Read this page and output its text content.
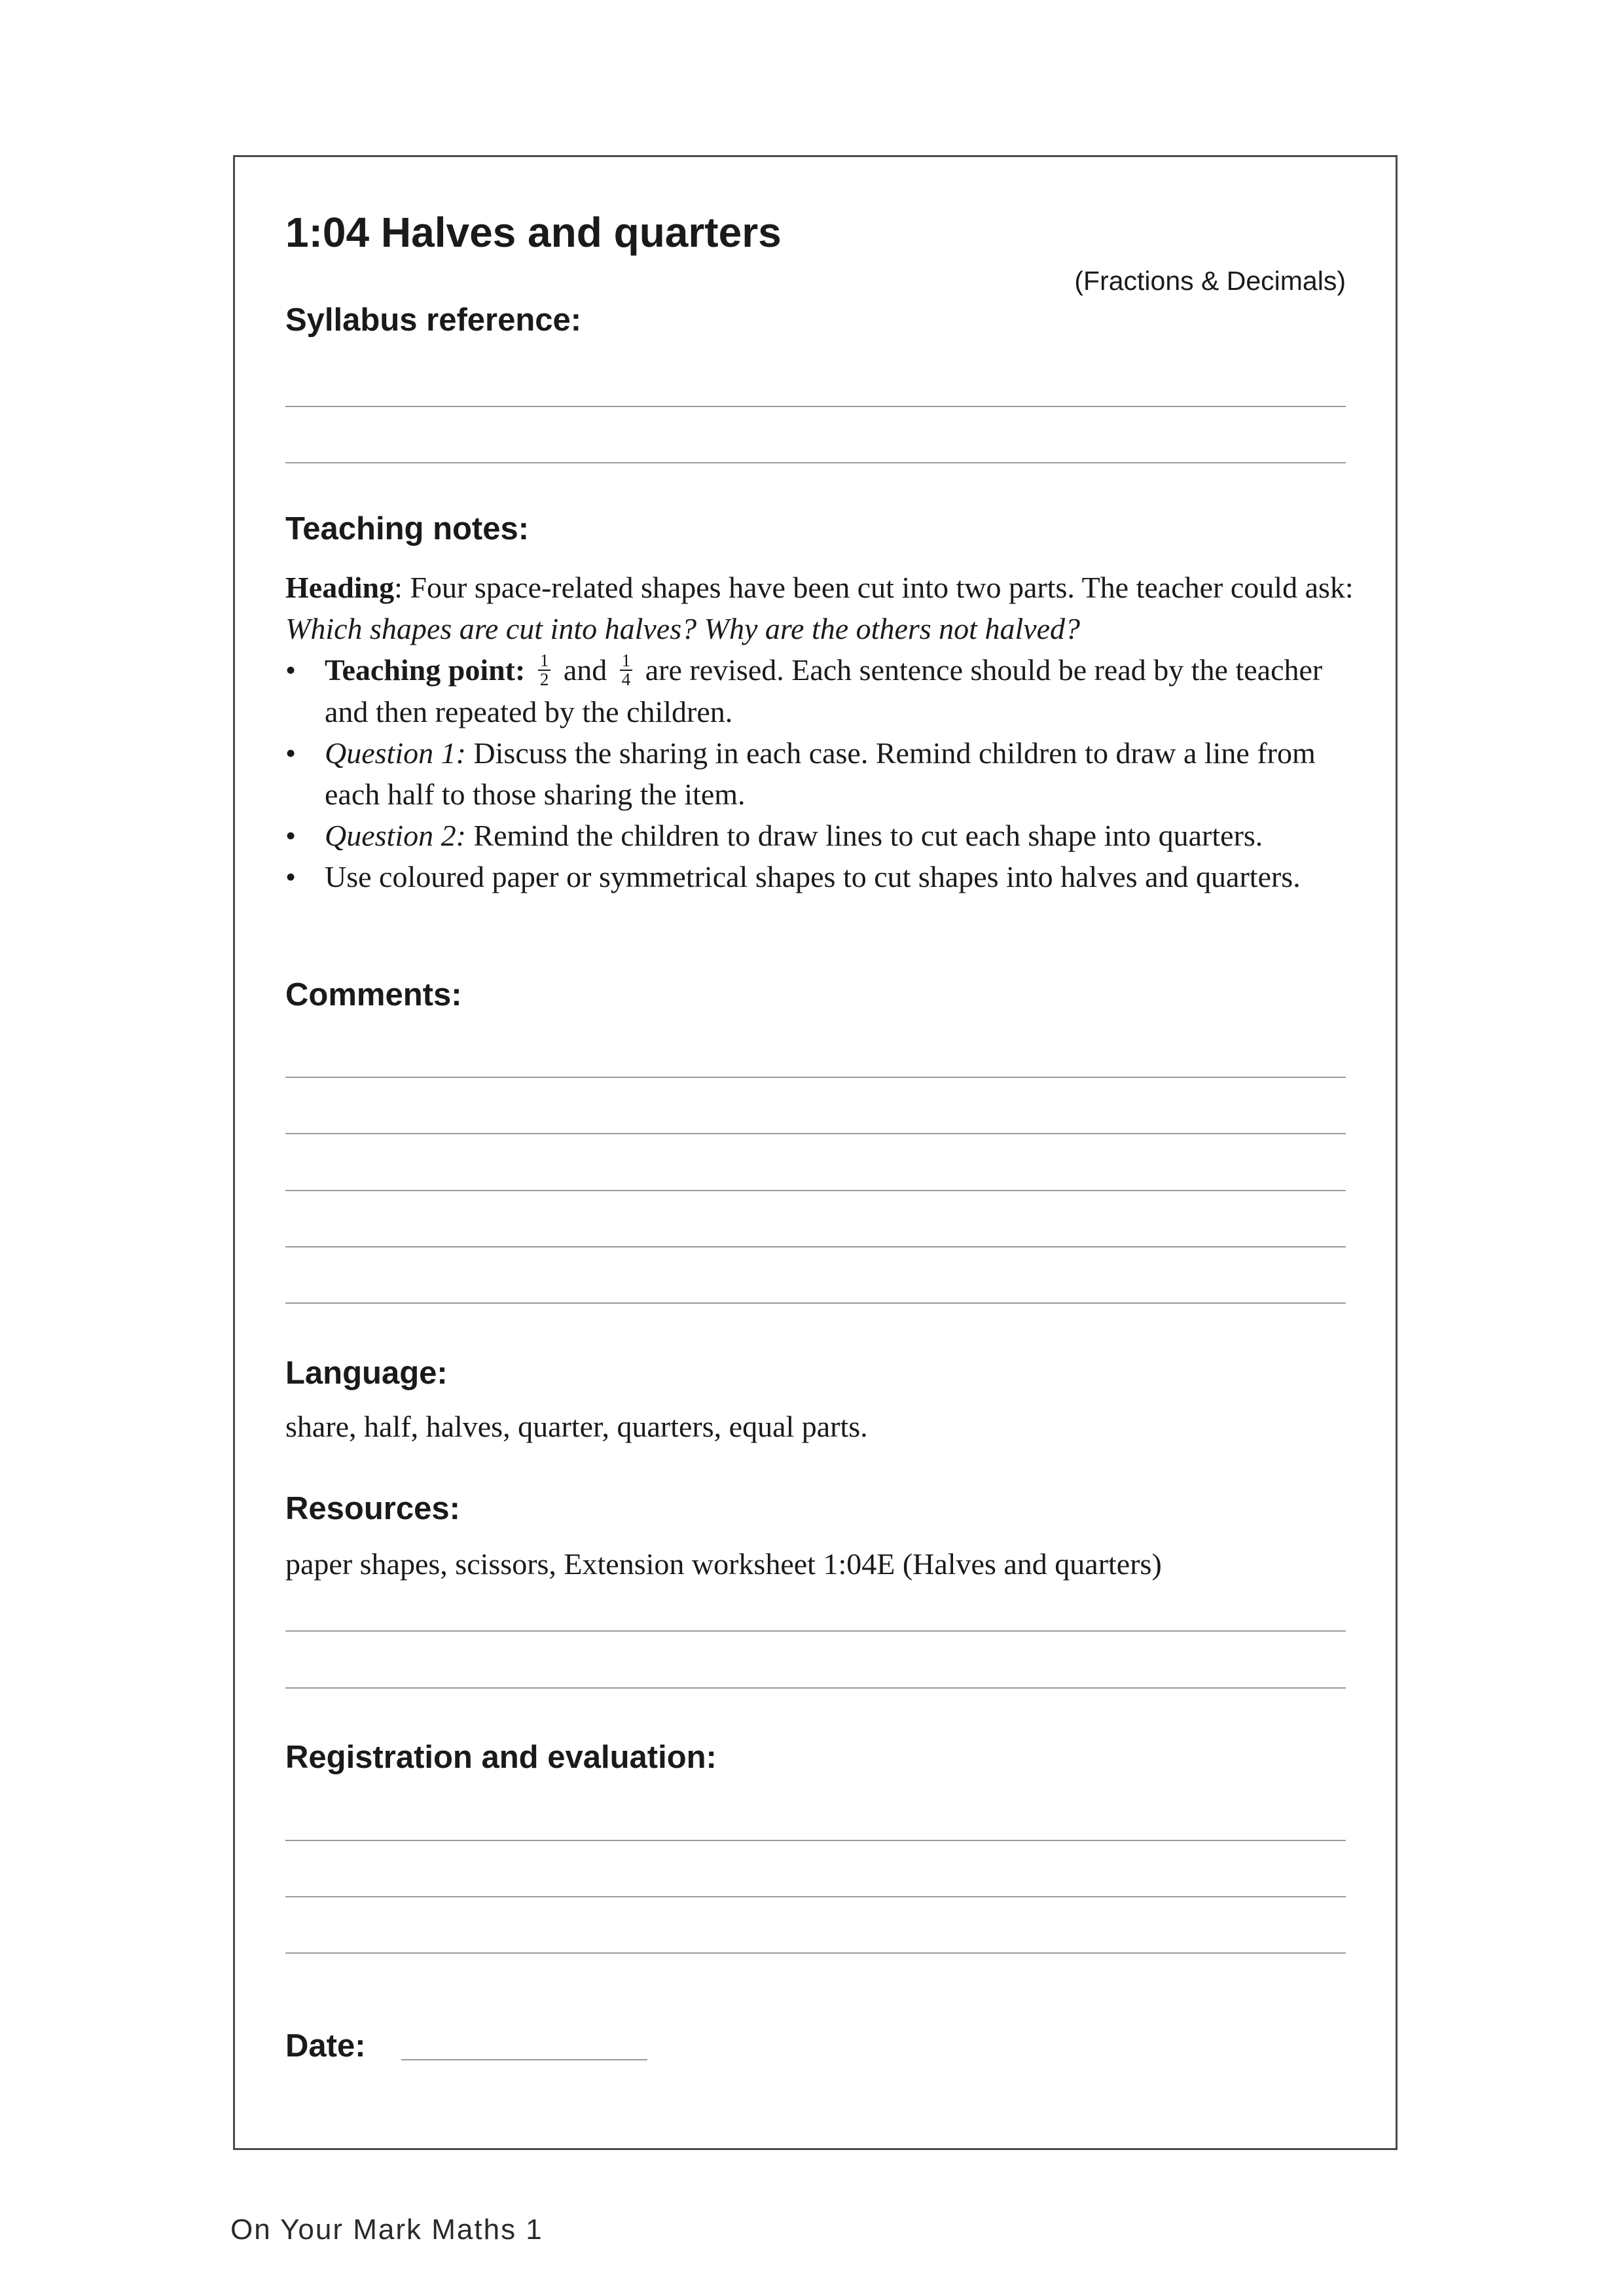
1:04 Halves and quarters
(Fractions & Decimals)
Syllabus reference:
Teaching notes:

Heading: Four space-related shapes have been cut into two parts. The teacher could ask: Which shapes are cut into halves? Why are the others not halved?

• Teaching point: $\frac{1}{2}$ and $\frac{1}{4}$ are revised. Each sentence should be read by the teacher and then repeated by the children.
• Question 1: Discuss the sharing in each case. Remind children to draw a line from each half to those sharing the item.
• Question 2: Remind the children to draw lines to cut each shape into quarters.
• Use coloured paper or symmetrical shapes to cut shapes into halves and quarters.
Comments:
Language:
share, half, halves, quarter, quarters, equal parts.
Resources:
paper shapes, scissors, Extension worksheet 1:04E (Halves and quarters)
Registration and evaluation:
Date:
On Your Mark Maths 1
